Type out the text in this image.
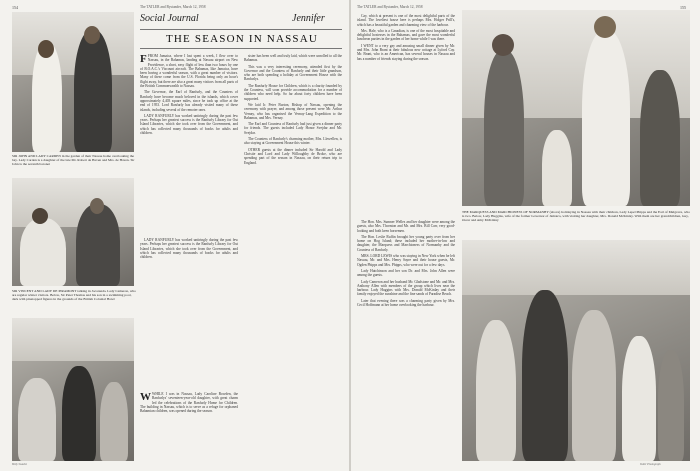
154	The TATLER and Bystander, March 12, 1958
Social Journal	Jennifer
THE SEASON IN NASSAU
SIR JOHN AND LADY CARDEN in the garden of their Nassau home overlooking the bay. Lady Carden is a daughter of the late Mr. Robert de Haven and Mrs. de Haven. Sir John is the seventh baronet
SIR VINCENT AND LADY DE PIRAMONT talking in Jacaranda. Lady Cameron, who are regular winter visitors. Below, Sir Peter Thomas and his son in a swimming pool, dark with pinetopped figures in the grounds of the British Colonial Hotel
Betty Swaebe

FFROM Jamaica, where I last spent a week, I flew over to Nassau, in the Bahamas, landing at Nassau airport on New Providence, a short, easy flight of less than two hours by one of B.O.A.C.'s Viscount aircraft. The Bahamas, like Jamaica, have been having a wonderful season, with a great number of visitors. Many of these come from the U.S. Florida being only an hour's flight away, but there are also a great many visitors from all parts of the British Commonwealth to Nassau.

The Governor, the Earl of Ranfurly, and the Countess of Ranfurly have become much beloved in the islands, which cover approximately 4,403 square miles, since he took up office at the end of 1953. Lord Ranfurly has already visited many of these islands, including several of the remoter ones.

LADY RANFURLY has worked untiringly during the past few years. Perhaps her greatest success is the Ranfurly Library for Out Island Libraries, which she took over from the Government, and which has collected many thousands of books for adults and children.

LADY RANFURLY has worked untiringly during the past few years. Perhaps her greatest success is the Ranfurly Library for Out Island Libraries, which she took over from the Government, and which has collected many thousands of books for adults and children.

WWHILE I was in Nassau, Lady Caroline Bowden, the Ranfurlys' seventeen-year-old daughter, with great charm led the celebrations of the Ranfurly Home for Children. The building in Nassau, which is to serve as a refuge for orphaned Bahamian children, was opened during the season.

sister has been well and truly laid, which were unrolled to all the Bahamas.

This was a very interesting ceremony, attended first by the Governor and the Countess of Ranfurly and their little grandson, who are both spending a holiday at Government House with the Ranfurlys.

The Ranfurly House for Children, which is a charity founded by the Countess, will soon provide accommodation for a number of children who need help. So far about forty children have been supported.

We laid Ir. Peter Burton, Bishop of Nassau, opening the ceremony with prayer, and among those present were Mr. Arthur Vernay, who has organised the Vernay-Lang Expedition to the Bahamas, and Mrs. Vernay.

The Earl and Countess of Ranfurly had just given a dinner party for friends. The guests included Lady Honor Svejdar and Mr. Svejdar.

The Countess of Ranfurly's charming mother, Mrs. Llewellen, is also staying at Government House this winter.

OTHER guests at the dinner included Sir Harold and Lady Christie and Lord and Lady Willoughby de Broke, who are spending part of the season in Nassau, on their return trip to England.

The TATLER and Bystander, March 12, 1958	155

Cay, which at present is one of the most delightful parts of the island. The loveliest house here is perhaps Mrs. Holger Prill's, which has a beautiful garden and charming view of the harbour.

Mrs. Hale, who is a Canadian, is one of the most hospitable and delightful hostesses in the Bahamas, and gave the most wonderful luncheon parties in the garden of her home while I was there.

I WENT to a very gay and amusing small dinner given by Mr. and Mrs. John Brant at their fabulous new cottage at Lyford Cay. Mr. Brant, who is an American, has several houses in Nassau and has a number of friends staying during the season.

THE MARQUESS AND MARCHIONESS OF NORMANBY (above) holidaying in Nassau with their children, Lady Lepel Phipps and the Earl of Mulgrave, who is two. Below, Lady Huggins, wife of the former Governor of Jamaica, with visiting her daughter, Mrs. Donald McKinlay. With them are her grandchildren, Guy, Oscar and Amy McKinlay
Tatler Photograph

The Hon. Mrs. Sumner Welles and her daughter were among the guests, also Mrs. Thornton and Mr. and Mrs. Bill Carr, very good-looking and both keen horsemen.

The Hon. Leslie Ruffin brought her young party over from her home on Hog Island; these included her mother-in-law and daughter, the Marquess and Marchioness of Normanby and the Countess of Ranfurly.

MRS. LORD LEWIS who was staying in New York when he left Nassau, Mr. and Mrs. Henry Sayre and their house guests, Mr. Ogden Phipps and Mrs. Phipps, who were out for a few days.

Lady Hutchinson and her son Dr. and Mrs. John Allen were among the guests.

Lady Cameron and her husband Mr. Gladstone and Mr. and Mrs. Anthony Allen with members of the group which lives near the harbour. Lady Huggins with Mrs. Donald McKinlay and their family enjoyed the sunshine and the fine sands of Paradise Beach.

Later that evening there was a charming party given by Mrs. Cecil Hoffmann at her home overlooking the harbour.
